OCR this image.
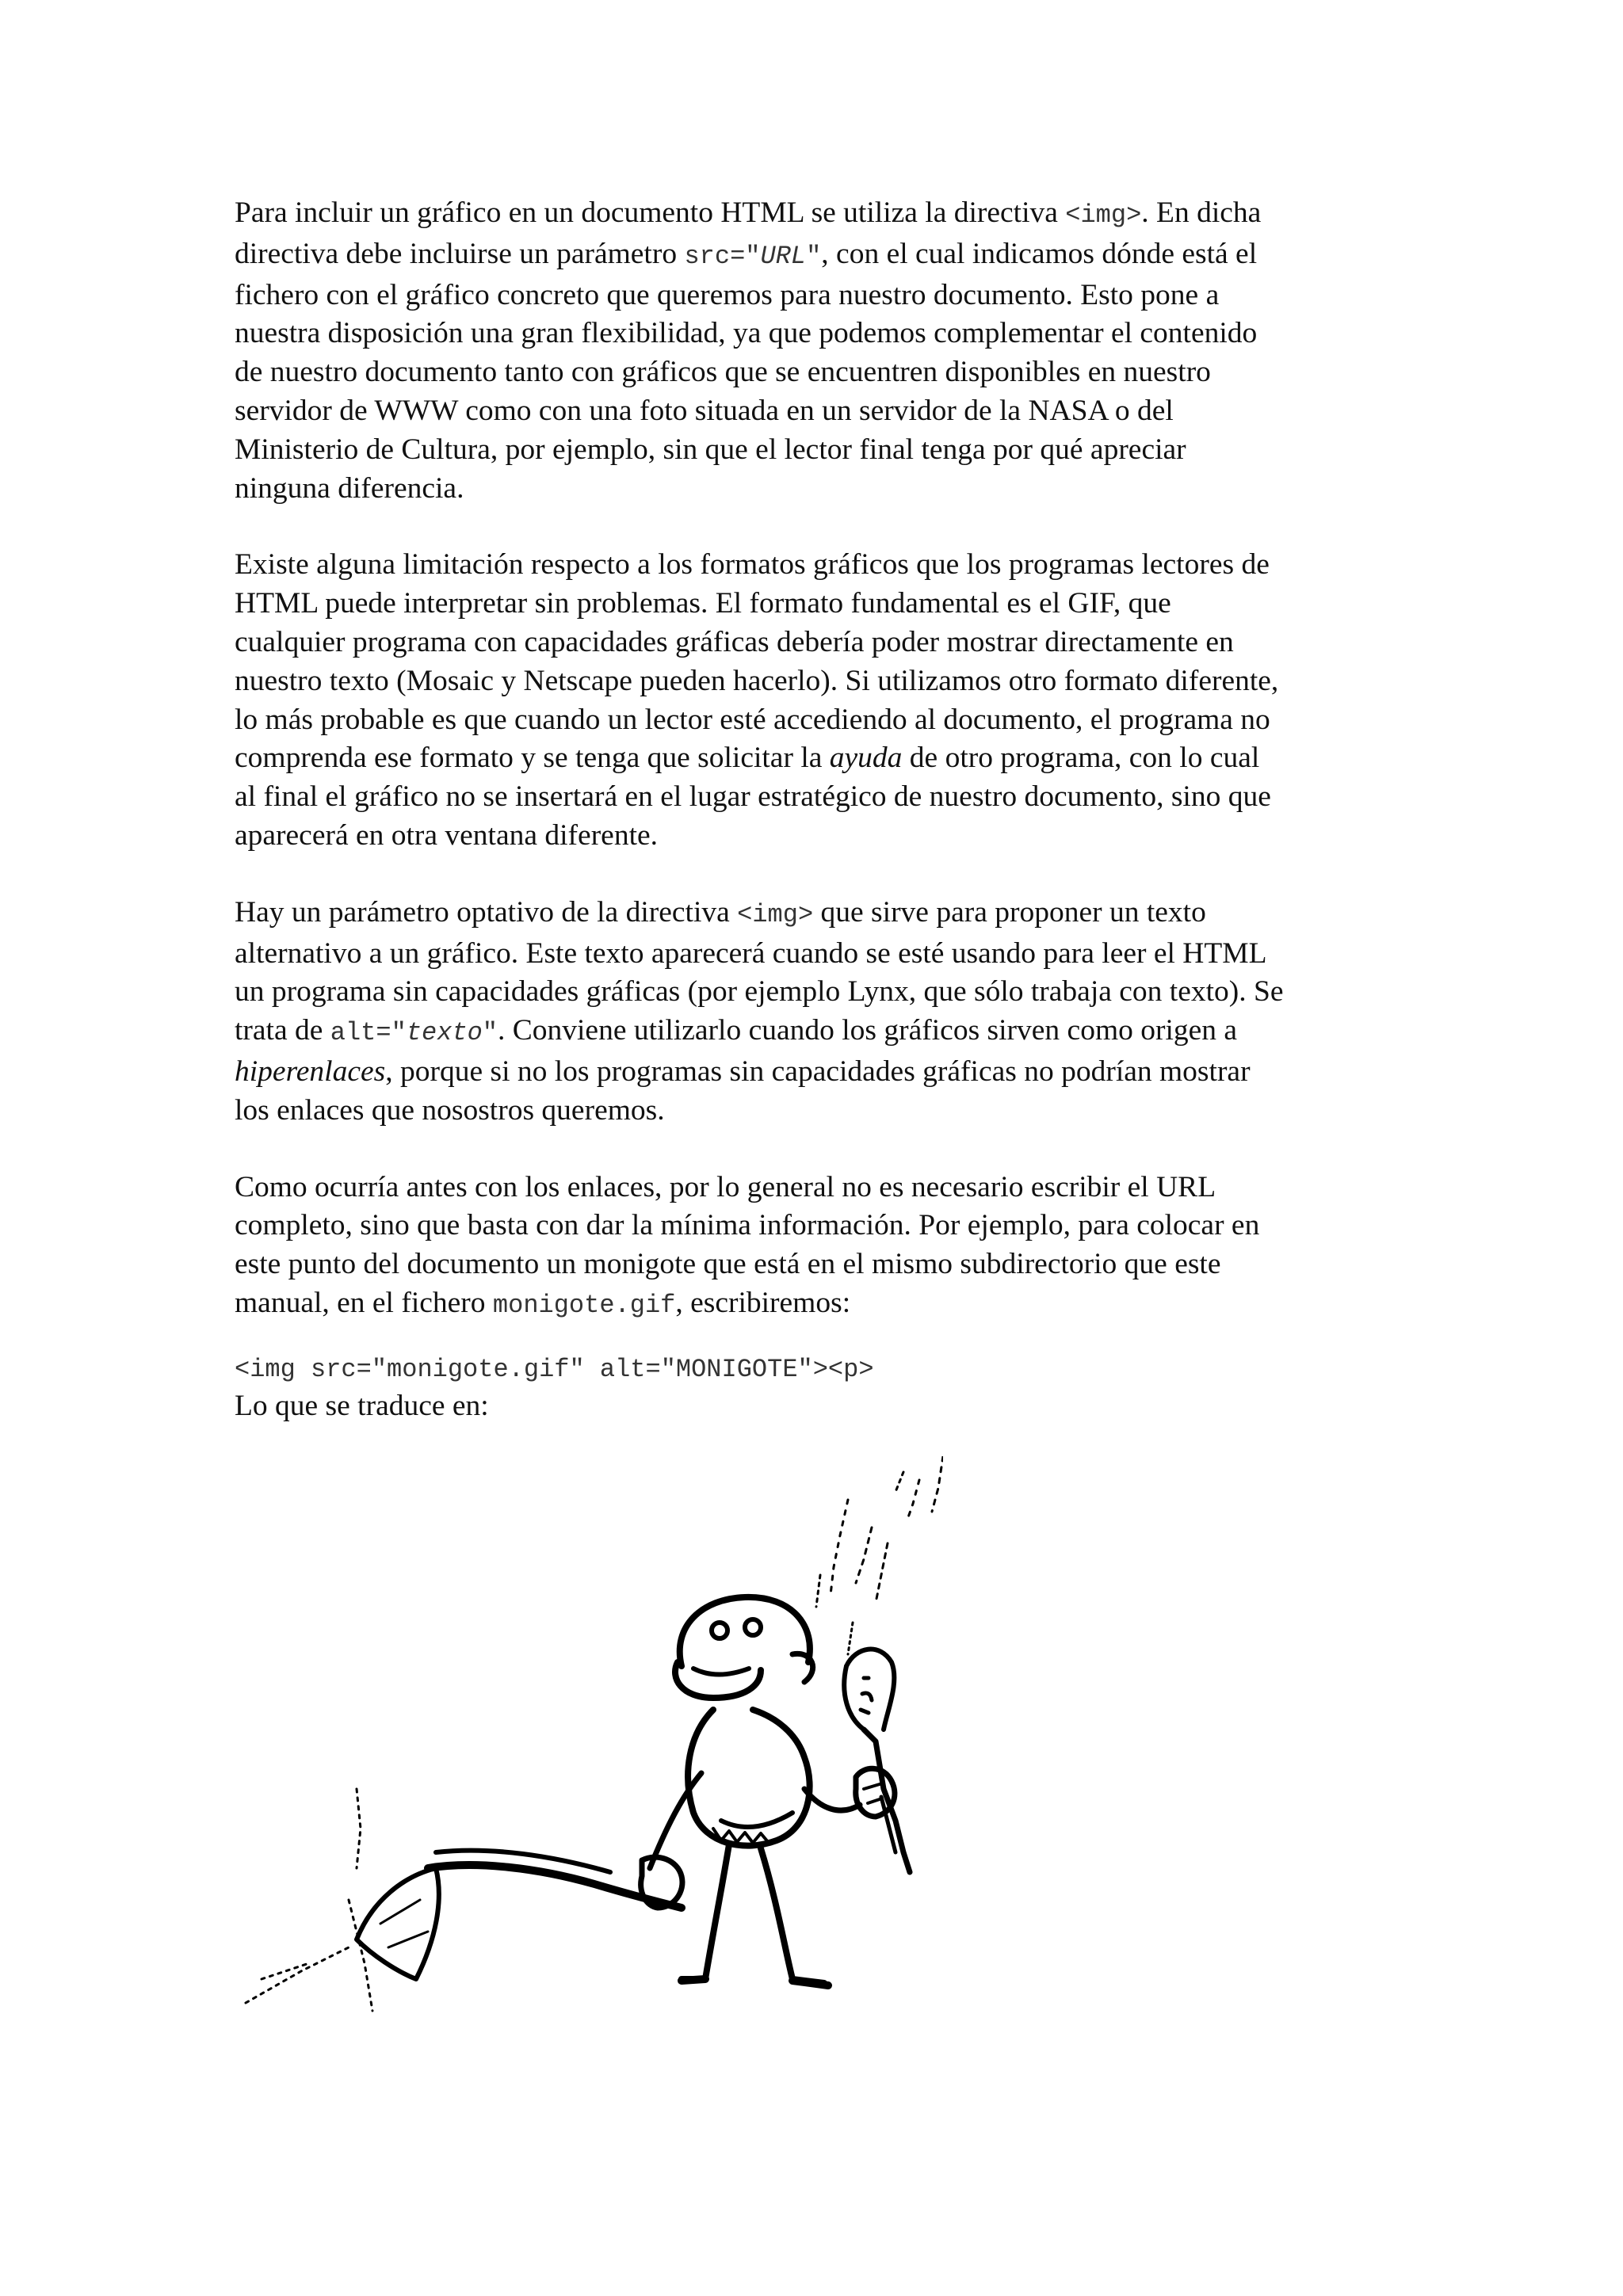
Para incluir un gráfico en un documento HTML se utiliza la directiva <img>. En dicha
directiva debe incluirse un parámetro src="URL", con el cual indicamos dónde está el
fichero con el gráfico concreto que queremos para nuestro documento. Esto pone a
nuestra disposición una gran flexibilidad, ya que podemos complementar el contenido
de nuestro documento tanto con gráficos que se encuentren disponibles en nuestro
servidor de WWW como con una foto situada en un servidor de la NASA o del
Ministerio de Cultura, por ejemplo, sin que el lector final tenga por qué apreciar
ninguna diferencia.

Existe alguna limitación respecto a los formatos gráficos que los programas lectores de
HTML puede interpretar sin problemas. El formato fundamental es el GIF, que
cualquier programa con capacidades gráficas debería poder mostrar directamente en
nuestro texto (Mosaic y Netscape pueden hacerlo). Si utilizamos otro formato diferente,
lo más probable es que cuando un lector esté accediendo al documento, el programa no
comprenda ese formato y se tenga que solicitar la ayuda de otro programa, con lo cual
al final el gráfico no se insertará en el lugar estratégico de nuestro documento, sino que
aparecerá en otra ventana diferente.

Hay un parámetro optativo de la directiva <img> que sirve para proponer un texto
alternativo a un gráfico. Este texto aparecerá cuando se esté usando para leer el HTML
un programa sin capacidades gráficas (por ejemplo Lynx, que sólo trabaja con texto). Se
trata de alt="texto". Conviene utilizarlo cuando los gráficos sirven como origen a
hiperenlaces, porque si no los programas sin capacidades gráficas no podrían mostrar
los enlaces que nosostros queremos.

Como ocurría antes con los enlaces, por lo general no es necesario escribir el URL
completo, sino que basta con dar la mínima información. Por ejemplo, para colocar en
este punto del documento un monigote que está en el mismo subdirectorio que este
manual, en el fichero monigote.gif, escribiremos:

<img src="monigote.gif" alt="MONIGOTE"><p>

Lo que se traduce en:
